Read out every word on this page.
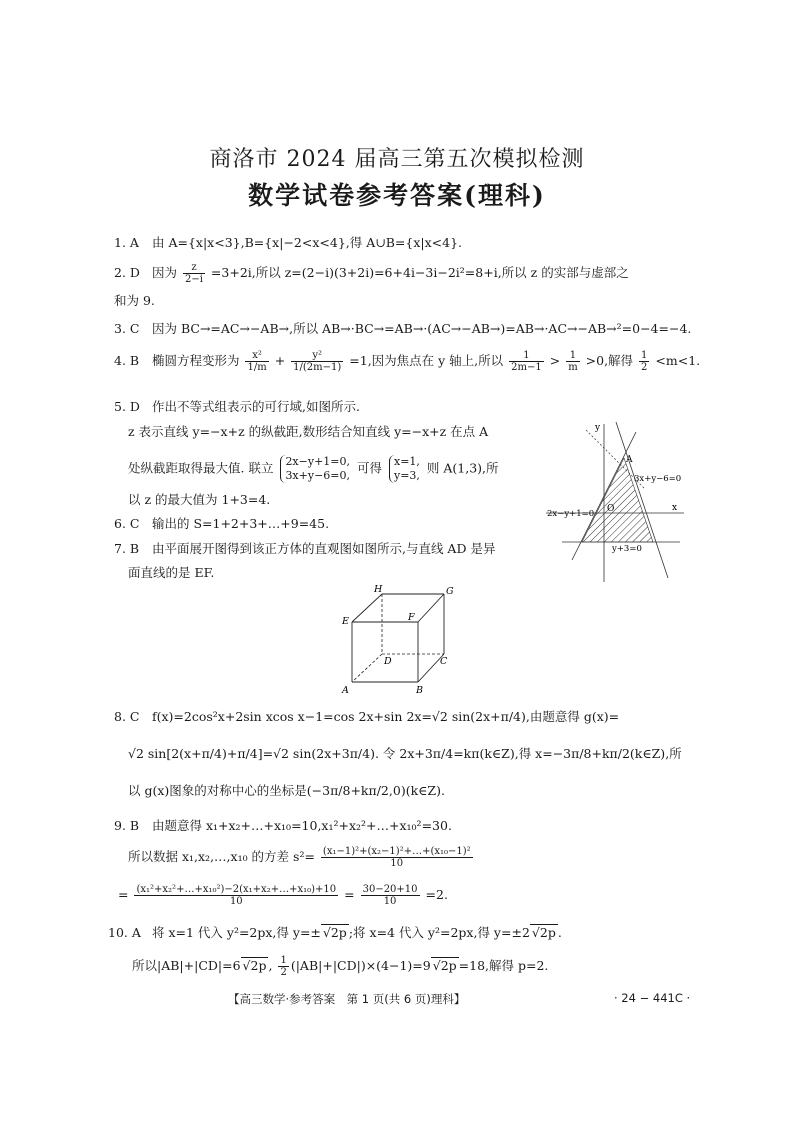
商洛市 2024 届高三第五次模拟检测
数学试卷参考答案(理科)
1. A 由 A={x|x<3},B={x|−2<x<4},得 A∪B={x|x<4}.
2. D 因为 $\frac{z}{2-i} =3+2i$,所以 z=(2−i)(3+2i)=6+4i−3i−2i²=8+i,所以 z 的实部与虚部之
和为 9.
3. C 因为 BC→=AC→−AB→,所以 AB→·BC→=AB→·(AC→−AB→)=AB→·AC→−AB→²=0−4=−4.
4. B 椭圆方程变形为 $\frac{\text{x²}}{1/m} + \frac{\text{y²}}{1/(2m-1)} =1$,因为焦点在 y 轴上,所以 $\frac{1}{2m-1} > \frac{1}{m} >0$,解得 $\frac{1}{2} <m<1$.
5. D 作出不等式组表示的可行域,如图所示.
z 表示直线 y=−x+z 的纵截距,数形结合知直线 y=−x+z 在点 A
处纵截距取得最大值. 联立 2x−y+1=0,
3x+y−6=0, 可得 x=1,
y=3, 则 A(1,3),所
以 z 的最大值为 1+3=4.
6. C 输出的 S=1+2+3+…+9=45.
7. B 由平面展开图得到该正方体的直观图如图所示,与直线 AD 是异
面直线的是 EF.
y
x
O
A
3x+y−6=0
2x−y+1=0
y+3=0
H	G
E	F
D	C
A	B
8. C f(x)=2cos²x+2sin xcos x−1=cos 2x+sin 2x=√2 sin(2x+π/4),由题意得 g(x)=
√2 sin[2(x+π/4)+π/4]=√2 sin(2x+3π/4). 令 2x+3π/4=kπ(k∈Z),得 x=−3π/8+kπ/2(k∈Z),所
以 g(x)图象的对称中心的坐标是(−3π/8+kπ/2,0)(k∈Z).
9. B 由题意得 x₁+x₂+…+x₁₀=10,x₁²+x₂²+…+x₁₀²=30.
所以数据 x₁,x₂,…,x₁₀ 的方差 $s^2= \frac{\text{(x₁−1)²+(x₂−1)²+…+(x₁₀−1)²}}{10}$
= $\frac{\text{(x₁²+x₂²+…+x₁₀²)−2(x₁+x₂+…+x₁₀)+10}}{10} = \frac{30-20+10}{10} =2$.
10. A 将 x=1 代入 y²=2px,得 y=± √2p ;将 x=4 代入 y²=2px,得 y=±2 √2p .
所以|AB|+|CD|=6 √2p , $\frac{1}{2} (|AB|+|CD|)\times(4-1)=9$ √2p =18,解得 p=2.
【高三数学·参考答案　第 1 页(共 6 页)理科】	· 24 − 441C ·
